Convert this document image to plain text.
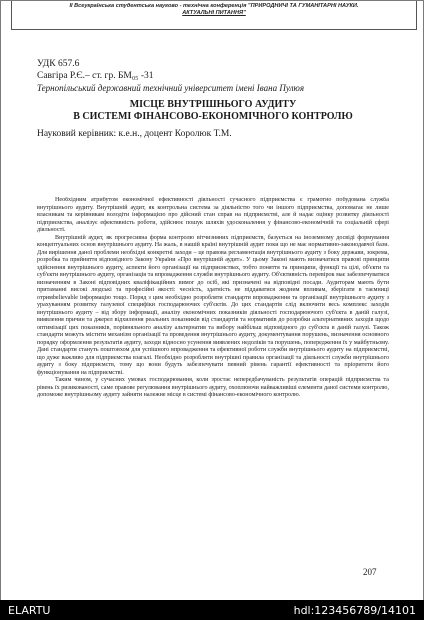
II Всеукраїнська студентська науково - технічна конференція "ПРИРОДНИЧІ ТА ГУМАНІТАРНІ НАУКИ.
АКТУАЛЬНІ ПИТАННЯ"
УДК 657.6
Савгіра Р.Є.– ст. гр. БМ₀₅ -31
Тернопільський державний технічний університет імені Івана Пулюя
МІСЦЕ ВНУТРІШНЬОГО АУДИТУ
В СИСТЕМІ ФІНАНСОВО-ЕКОНОМІЧНОГО КОНТРОЛЮ
Науковий керівник: к.е.н., доцент Королюк Т.М.

Необхідним атрибутом економічної ефективності діяльності сучасного підприємства є грамотно побудована служба внутрішнього аудиту. Внутрішній аудит, як контрольна система за діяльністю того чи іншого підприємства, допомагає не лише власникам та керівникам володіти інформацією про дійсний стан справ на підприємстві, але й надає оцінку розвитку діяльності підприємства, аналізує ефективність роботи, здійснює пошук шляхів удосконалення у фінансово-економічній та соціальній сфері діяльності.

Внутрішній аудит, як прогресивна форма контролю вітчизняних підприємств, базується на іноземному досвіді формування концептуальних основ внутрішнього аудиту. На жаль, в нашій країні внутрішній аудит поки що не має нормативно-законодавчої бази. Для вирішення даної проблеми необхідні конкретні заходи – це правова регламентація внутрішнього аудиту з боку держави, зокрема, розробка та прийняття відповідного Закону України «Про внутрішній аудит». У цьому Законі мають визначатися правові принципи здійснення внутрішнього аудиту, аспекти його організації на підприємствах, тобто поняття та принципи, функції та цілі, об'єкти та суб'єкти внутрішнього аудиту, організація та впровадження служби внутрішнього аудиту. Об'єктивність перевірок має забезпечуватися визначенням в Законі відповідних кваліфікаційних вимог до осіб, які призначені на відповідні посади. Аудиторам мають бути притаманні високі людські та професійні якості: чесність, здатність не піддаватися жодним впливам, зберігати в таємниці отримbelievable інформацію тощо. Поряд з цим необхідно розробляти стандарти впровадження та організації внутрішнього аудиту з урахуванням розвитку галузевої специфіки господарюючих суб'єктів. До цих стандартів слід включити весь комплекс заходів внутрішнього аудиту – від збору інформації, аналізу економічних показників діяльності господарюючого суб'єкта в даній галузі, виявлення причин та джерел відхилення реальних показників від стандартів та нормативів до розробки альтернативних заходів щодо оптимізації цих показників, порівняльного аналізу альтернатив та вибору найбільш відповідного до суб'єкта в даній галузі. Також стандарти можуть містити механізм організації та проведення внутрішнього аудиту, документування порушень, визначення основного порядку оформлення результатів аудиту, заходи відносно усунення виявлених недоліків та порушень, попередження їх у майбутньому. Дані стандарти стануть поштовхом для успішного впровадження та ефективної роботи служби внутрішнього аудиту на підприємстві, що дуже важливо для підприємства взагалі. Необхідно розробляти внутрішні правила організації та діяльності служби внутрішнього аудиту з боку підприємств, тому що вони будуть забезпечувати певний рівень гарантії ефективності та пріоритети його функціонування на підприємстві.

Таким чином, у сучасних умовах господарювання, коли зростає непередбачуваність результатів операцій підприємства та рівень їх ризикованості, саме правове регулювання внутрішнього аудиту, охоплюючи найважливіші елементи даної системи контролю, допоможе внутрішньому аудиту зайняти належне місце в системі фінансово-економічного контролю.

207
ELARTU	hdl:123456789/14101
